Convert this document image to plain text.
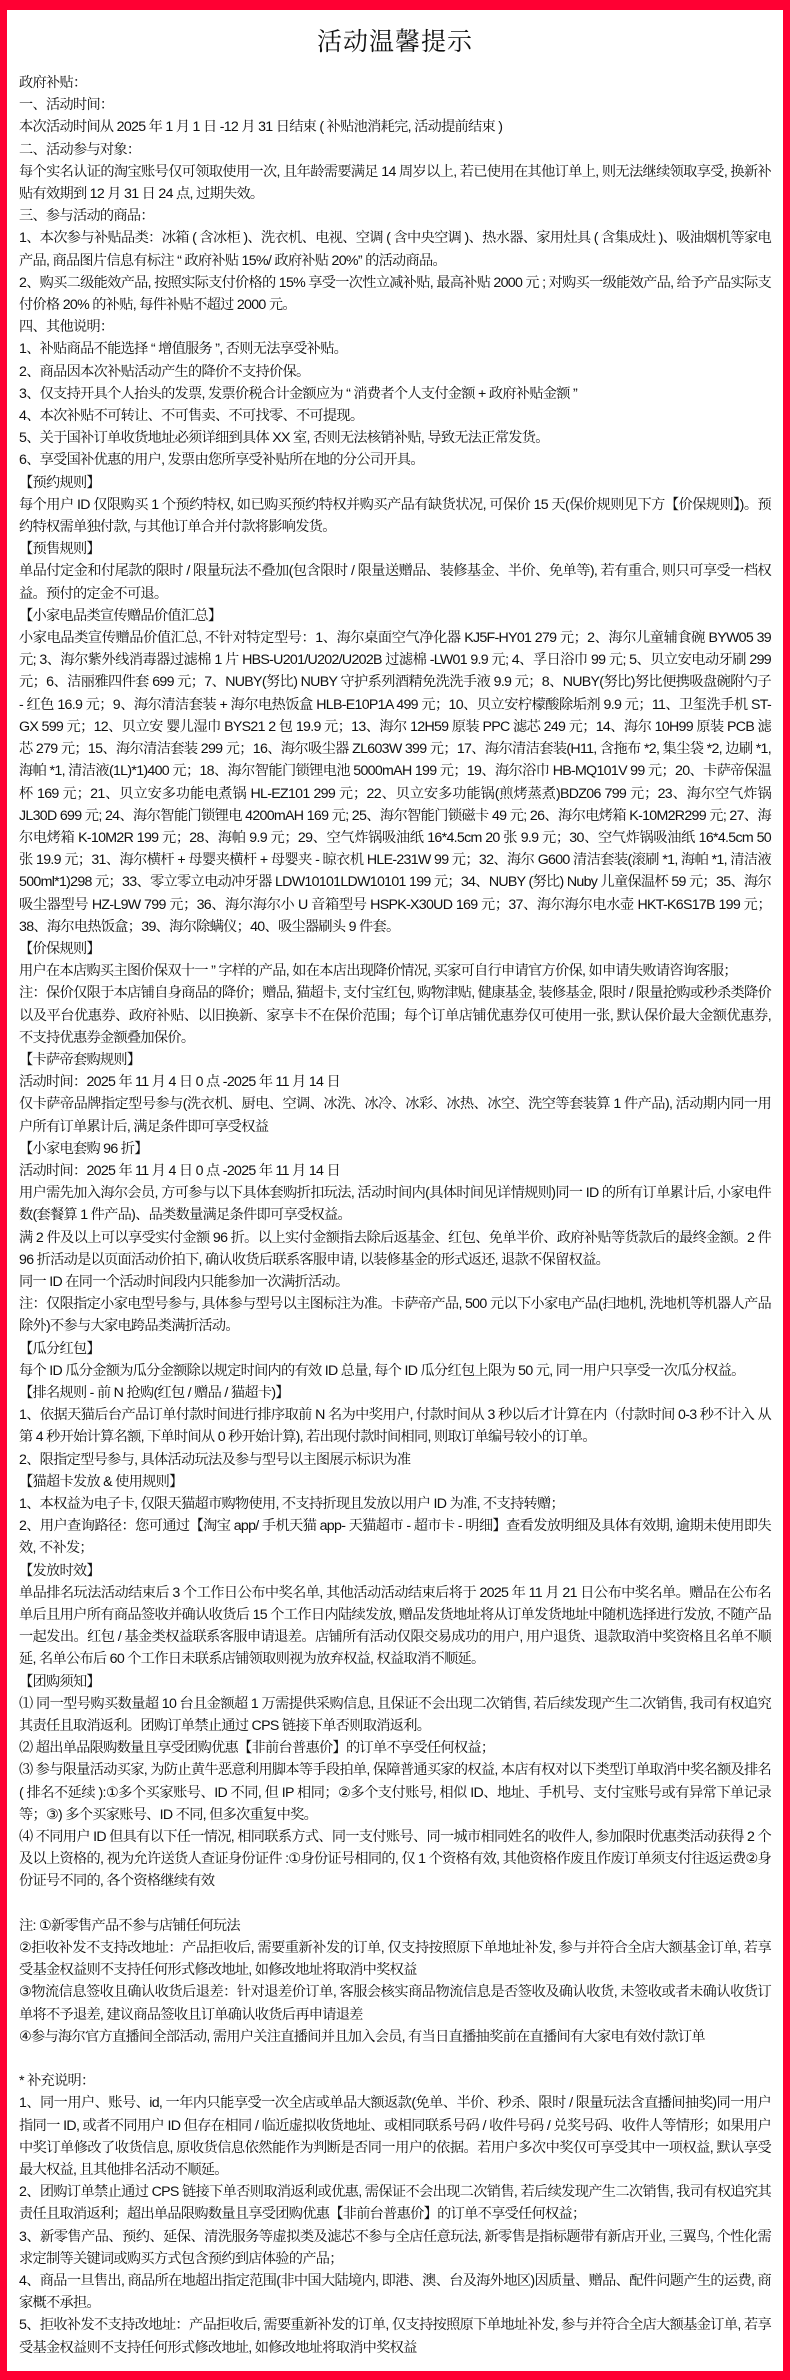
活动温馨提示

政府补贴：

一、活动时间：

本次活动时间从 2025 年 1 月 1 日 -12 月 31 日结束 ( 补贴池消耗完, 活动提前结束 )

二、活动参与对象：

每个实名认证的淘宝账号仅可领取使用一次, 且年龄需要满足 14 周岁以上, 若已使用在其他订单上, 则无法继续领取享受, 换新补贴有效期到 12 月 31 日 24 点, 过期失效。

三、参与活动的商品：

1、本次参与补贴品类：冰箱 ( 含冰柜 )、洗衣机、电视、空调 ( 含中央空调 )、热水器、家用灶具 ( 含集成灶 )、吸油烟机等家电产品, 商品图片信息有标注 “ 政府补贴 15%/ 政府补贴 20%” 的活动商品。

2、购买二级能效产品, 按照实际支付价格的 15% 享受一次性立减补贴, 最高补贴 2000 元 ; 对购买一级能效产品, 给予产品实际支付价格 20% 的补贴, 每件补贴不超过 2000 元。

四、其他说明：

1、补贴商品不能选择 “ 增值服务 ”, 否则无法享受补贴。

2、商品因本次补贴活动产生的降价不支持价保。

3、仅支持开具个人抬头的发票, 发票价税合计金额应为 “ 消费者个人支付金额 + 政府补贴金额 ”

4、本次补贴不可转让、不可售卖、不可找零、不可提现。

5、关于国补订单收货地址必须详细到具体 XX 室, 否则无法核销补贴, 导致无法正常发货。

6、享受国补优惠的用户, 发票由您所享受补贴所在地的分公司开具。

【预约规则】

每个用户 ID 仅限购买 1 个预约特权, 如已购买预约特权并购买产品有缺货状况, 可保价 15 天(保价规则见下方【价保规则】)。预约特权需单独付款, 与其他订单合并付款将影响发货。

【预售规则】

单品付定金和付尾款的限时 / 限量玩法不叠加(包含限时 / 限量送赠品、装修基金、半价、免单等), 若有重合, 则只可享受一档权益。预付的定金不可退。

【小家电品类宣传赠品价值汇总】

小家电品类宣传赠品价值汇总, 不针对特定型号：1、海尔桌面空气净化器 KJ5F-HY01 279 元；2、海尔儿童辅食碗 BYW05 39 元; 3、海尔紫外线消毒器过滤棉 1 片 HBS-U201/U202/U202B 过滤棉 -LW01 9.9 元; 4、孚日浴巾 99 元; 5、贝立安电动牙刷 299 元；6、洁丽雅四件套 699 元；7、NUBY(努比) NUBY 守护系列酒精免洗洗手液 9.9 元；8、NUBY(努比)努比便携吸盘碗附勺子 - 红色 16.9 元；9、海尔清洁套装 + 海尔电热饭盒 HLB-E10P1A 499 元；10、贝立安柠檬酸除垢剂 9.9 元；11、卫玺洗手机 ST-GX 599 元；12、贝立安 婴儿湿巾 BYS21 2 包 19.9 元；13、海尔 12H59 原装 PPC 滤芯 249 元；14、海尔 10H99 原装 PCB 滤芯 279 元；15、海尔清洁套装 299 元；16、海尔吸尘器 ZL603W 399 元；17、海尔清洁套装(H11, 含拖布 *2, 集尘袋 *2, 边刷 *1, 海帕 *1, 清洁液(1L)*1)400 元；18、海尔智能门锁锂电池 5000mAH 199 元；19、海尔浴巾 HB-MQ101V 99 元；20、卡萨帝保温杯 169 元；21、贝立安多功能电煮锅 HL-EZ101 299 元；22、贝立安多功能锅(煎烤蒸煮)BDZ06 799 元；23、海尔空气炸锅 JL30D 699 元; 24、海尔智能门锁锂电 4200mAH 169 元; 25、海尔智能门锁磁卡 49 元; 26、海尔电烤箱 K-10M2R299 元; 27、海尔电烤箱 K-10M2R 199 元；28、海帕 9.9 元；29、空气炸锅吸油纸 16*4.5cm 20 张 9.9 元；30、空气炸锅吸油纸 16*4.5cm 50 张 19.9 元；31、海尔横杆 + 母婴夹横杆 + 母婴夹 - 晾衣机 HLE-231W 99 元；32、海尔 G600 清洁套装(滚刷 *1, 海帕 *1, 清洁液 500ml*1)298 元；33、零立零立电动冲牙器 LDW10101LDW10101 199 元；34、NUBY (努比) Nuby 儿童保温杯 59 元；35、海尔吸尘器型号 HZ-L9W 799 元；36、海尔海尔小 U 音箱型号 HSPK-X30UD 169 元；37、海尔海尔电水壶 HKT-K6S17B 199 元；38、海尔电热饭盒；39、海尔除螨仪；40、吸尘器刷头 9 件套。

【价保规则】

用户在本店购买主图价保双十一 ” 字样的产品, 如在本店出现降价情况, 买家可自行申请官方价保, 如申请失败请咨询客服；

注：保价仅限于本店铺自身商品的降价；赠品, 猫超卡, 支付宝红包, 购物津贴, 健康基金, 装修基金, 限时 / 限量抢购或秒杀类降价以及平台优惠券、政府补贴、以旧换新、家享卡不在保价范围；每个订单店铺优惠券仅可使用一张, 默认保价最大金额优惠券, 不支持优惠券金额叠加保价。

【卡萨帝套购规则】

活动时间：2025 年 11 月 4 日 0 点 -2025 年 11 月 14 日

仅卡萨帝品牌指定型号参与(洗衣机、厨电、空调、冰洗、冰冷、冰彩、冰热、冰空、洗空等套装算 1 件产品), 活动期内同一用户所有订单累计后, 满足条件即可享受权益

【小家电套购 96 折】

活动时间：2025 年 11 月 4 日 0 点 -2025 年 11 月 14 日

用户需先加入海尔会员, 方可参与以下具体套购折扣玩法, 活动时间内(具体时间见详情规则)同一 ID 的所有订单累计后, 小家电件数(套餐算 1 件产品)、品类数量满足条件即可享受权益。

满 2 件及以上可以享受实付金额 96 折。以上实付金额指去除后返基金、红包、免单半价、政府补贴等货款后的最终金额。2 件 96 折活动是以页面活动价拍下, 确认收货后联系客服申请, 以装修基金的形式返还, 退款不保留权益。

同一 ID 在同一个活动时间段内只能参加一次满折活动。

注：仅限指定小家电型号参与, 具体参与型号以主图标注为准。卡萨帝产品, 500 元以下小家电产品(扫地机, 洗地机等机器人产品除外)不参与大家电跨品类满折活动。

【瓜分红包】

每个 ID 瓜分金额为瓜分金额除以规定时间内的有效 ID 总量, 每个 ID 瓜分红包上限为 50 元, 同一用户只享受一次瓜分权益。

【排名规则 - 前 N 抢购(红包 / 赠品 / 猫超卡)】

1、依据天猫后台产品订单付款时间进行排序取前 N 名为中奖用户, 付款时间从 3 秒以后才计算在内（付款时间 0-3 秒不计入 从第 4 秒开始计算名额, 下单时间从 0 秒开始计算), 若出现付款时间相同, 则取订单编号较小的订单。

2、限指定型号参与, 具体活动玩法及参与型号以主图展示标识为准

【猫超卡发放 & 使用规则】

1、本权益为电子卡, 仅限天猫超市购物使用, 不支持折现且发放以用户 ID 为准, 不支持转赠；

2、用户查询路径：您可通过【淘宝 app/ 手机天猫 app- 天猫超市 - 超市卡 - 明细】查看发放明细及具体有效期, 逾期未使用即失效, 不补发；

【发放时效】

单品排名玩法活动结束后 3 个工作日公布中奖名单, 其他活动活动结束后将于 2025 年 11 月 21 日公布中奖名单。赠品在公布名单后且用户所有商品签收并确认收货后 15 个工作日内陆续发放, 赠品发货地址将从订单发货地址中随机选择进行发放, 不随产品一起发出。红包 / 基金类权益联系客服申请退差。店铺所有活动仅限交易成功的用户, 用户退货、退款取消中奖资格且名单不顺延, 名单公布后 60 个工作日未联系店铺领取则视为放弃权益, 权益取消不顺延。

【团购须知】

⑴ 同一型号购买数量超 10 台且金额超 1 万需提供采购信息, 且保证不会出现二次销售, 若后续发现产生二次销售, 我司有权追究其责任且取消返利。团购订单禁止通过 CPS 链接下单否则取消返利。

⑵ 超出单品限购数量且享受团购优惠【非前台普惠价】的订单不享受任何权益；

⑶ 参与限量活动买家, 为防止黄牛恶意利用脚本等手段拍单, 保障普通买家的权益, 本店有权对以下类型订单取消中奖名额及排名 ( 排名不延续 ):①多个买家账号、ID 不同, 但 IP 相同；②多个支付账号, 相似 ID、地址、手机号、支付宝账号或有异常下单记录等；③) 多个买家账号、ID 不同, 但多次重复中奖。

⑷ 不同用户 ID 但具有以下任一情况, 相同联系方式、同一支付账号、同一城市相同姓名的收件人, 参加限时优惠类活动获得 2 个及以上资格的, 视为允许送货人查证身份证件 :①身份证号相同的, 仅 1 个资格有效, 其他资格作废且作废订单须支付往返运费②身份证号不同的, 各个资格继续有效

注: ①新零售产品不参与店铺任何玩法

②拒收补发不支持改地址：产品拒收后, 需要重新补发的订单, 仅支持按照原下单地址补发, 参与并符合全店大额基金订单, 若享受基金权益则不支持任何形式修改地址, 如修改地址将取消中奖权益

③物流信息签收且确认收货后退差：针对退差价订单, 客服会核实商品物流信息是否签收及确认收货, 未签收或者未确认收货订单将不予退差, 建议商品签收且订单确认收货后再申请退差

④参与海尔官方直播间全部活动, 需用户关注直播间并且加入会员, 有当日直播抽奖前在直播间有大家电有效付款订单

* 补充说明：

1、同一用户、账号、id, 一年内只能享受一次全店或单品大额返款(免单、半价、秒杀、限时 / 限量玩法含直播间抽奖)同一用户指同一 ID, 或者不同用户 ID 但存在相同 / 临近虚拟收货地址、或相同联系号码 / 收件号码 / 兑奖号码、收件人等情形；如果用户中奖订单修改了收货信息, 原收货信息依然能作为判断是否同一用户的依据。若用户多次中奖仅可享受其中一项权益, 默认享受最大权益, 且其他排名活动不顺延。

2、团购订单禁止通过 CPS 链接下单否则取消返利或优惠, 需保证不会出现二次销售, 若后续发现产生二次销售, 我司有权追究其责任且取消返利；超出单品限购数量且享受团购优惠【非前台普惠价】的订单不享受任何权益；

3、新零售产品、预约、延保、清洗服务等虚拟类及滤芯不参与全店任意玩法, 新零售是指标题带有新店开业, 三翼鸟, 个性化需求定制等关键词或购买方式包含预约到店体验的产品；

4、商品一旦售出, 商品所在地超出指定范围(非中国大陆境内, 即港、澳、台及海外地区)因质量、赠品、配件问题产生的运费, 商家概不承担。

5、拒收补发不支持改地址：产品拒收后, 需要重新补发的订单, 仅支持按照原下单地址补发, 参与并符合全店大额基金订单, 若享受基金权益则不支持任何形式修改地址, 如修改地址将取消中奖权益
